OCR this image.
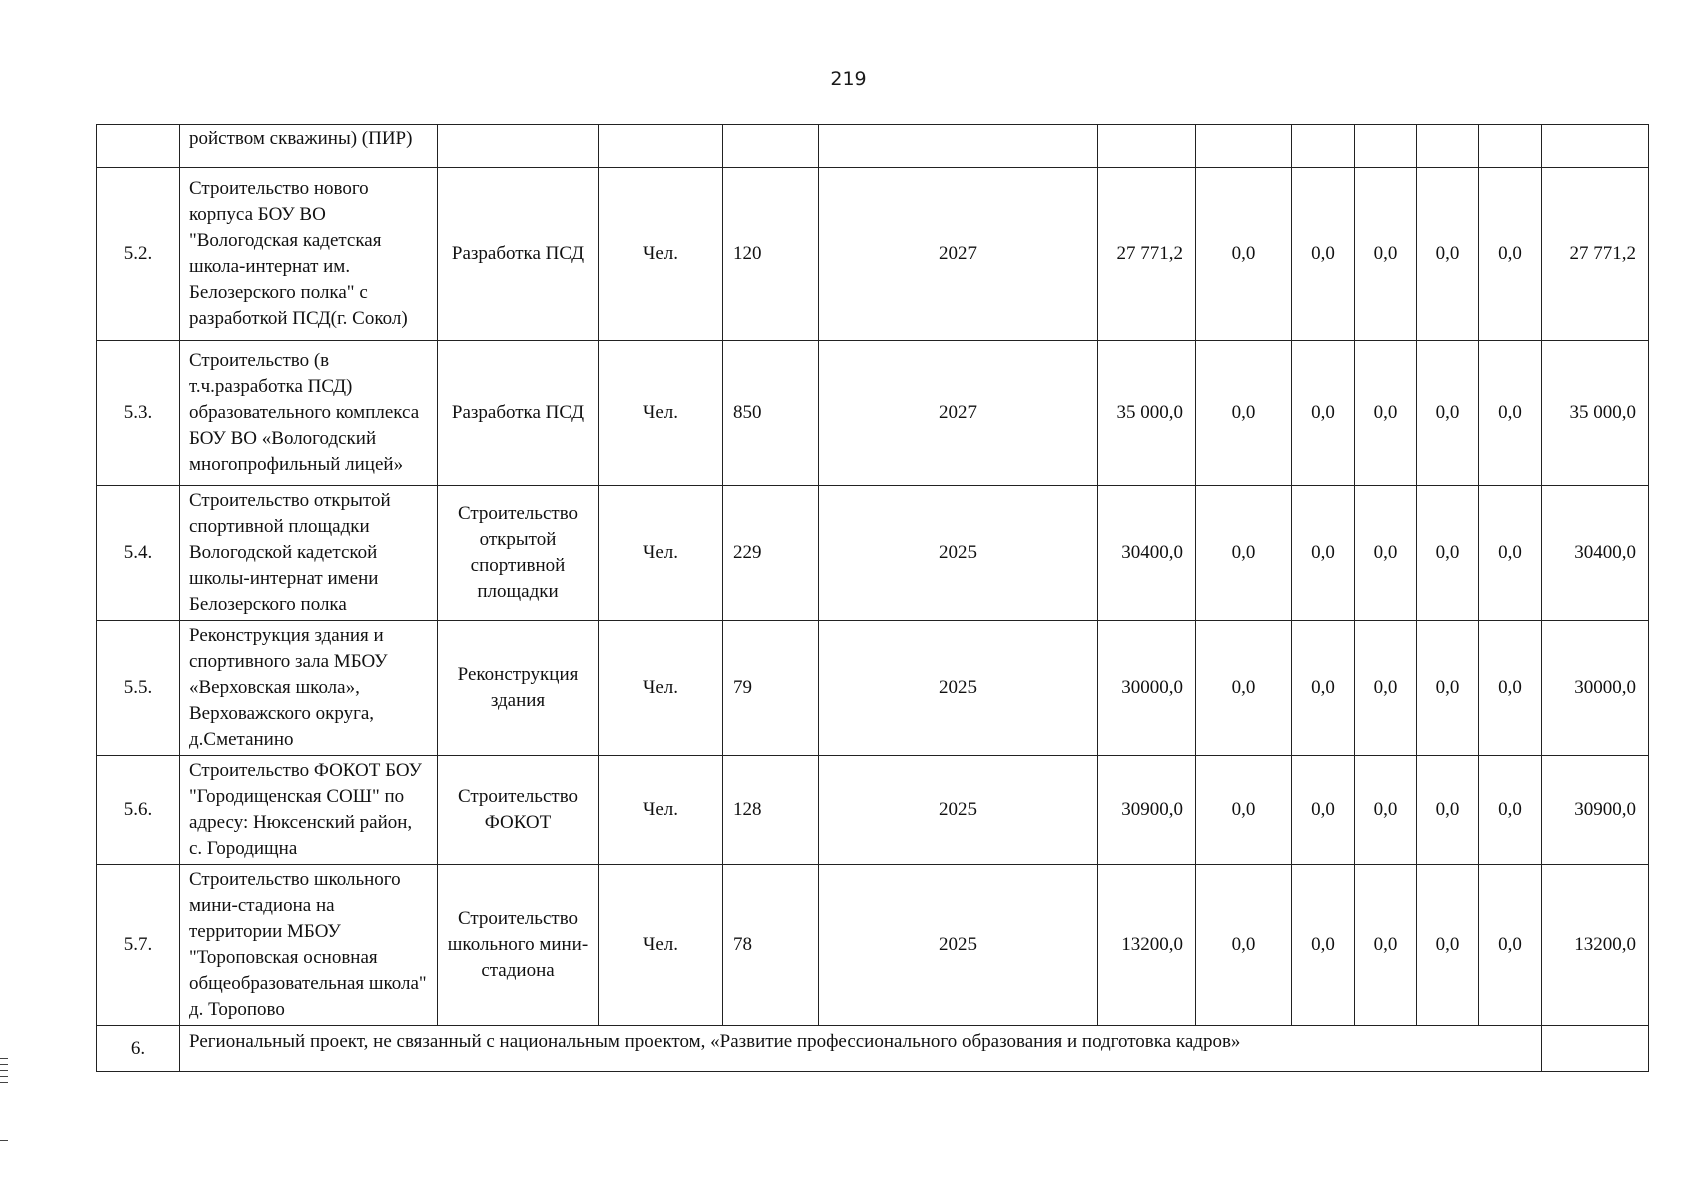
219
	ройством скважины) (ПИР)											
5.2.	Строительство нового корпуса БОУ ВО "Вологодская кадетская школа-интернат им. Белозерского полка" с разработкой ПСД(г. Сокол)	Разработка ПСД	Чел.	120	2027	27 771,2	0,0	0,0	0,0	0,0	0,0	27 771,2
5.3.	Строительство (в т.ч.разработка ПСД) образовательного комплекса БОУ ВО «Вологодский многопрофильный лицей»	Разработка ПСД	Чел.	850	2027	35 000,0	0,0	0,0	0,0	0,0	0,0	35 000,0
5.4.	Строительство открытой спортивной площадки Вологодской кадетской школы-интернат имени Белозерского полка	Строительство открытой спортивной площадки	Чел.	229	2025	30400,0	0,0	0,0	0,0	0,0	0,0	30400,0
5.5.	Реконструкция здания и спортивного зала МБОУ «Верховская школа», Верховажского округа, д.Сметанино	Реконструкция здания	Чел.	79	2025	30000,0	0,0	0,0	0,0	0,0	0,0	30000,0
5.6.	Строительство ФОКОТ БОУ "Городищенская СОШ" по адресу: Нюксенский район, с. Городищна	Строительство ФОКОТ	Чел.	128	2025	30900,0	0,0	0,0	0,0	0,0	0,0	30900,0
5.7.	Строительство школьного мини-стадиона на территории МБОУ "Тороповская основная общеобразовательная школа" д. Торопово	Строительство школьного мини-стадиона	Чел.	78	2025	13200,0	0,0	0,0	0,0	0,0	0,0	13200,0
6.	Региональный проект, не связанный с национальным проектом, «Развитие профессионального образования и подготовка кадров»											
